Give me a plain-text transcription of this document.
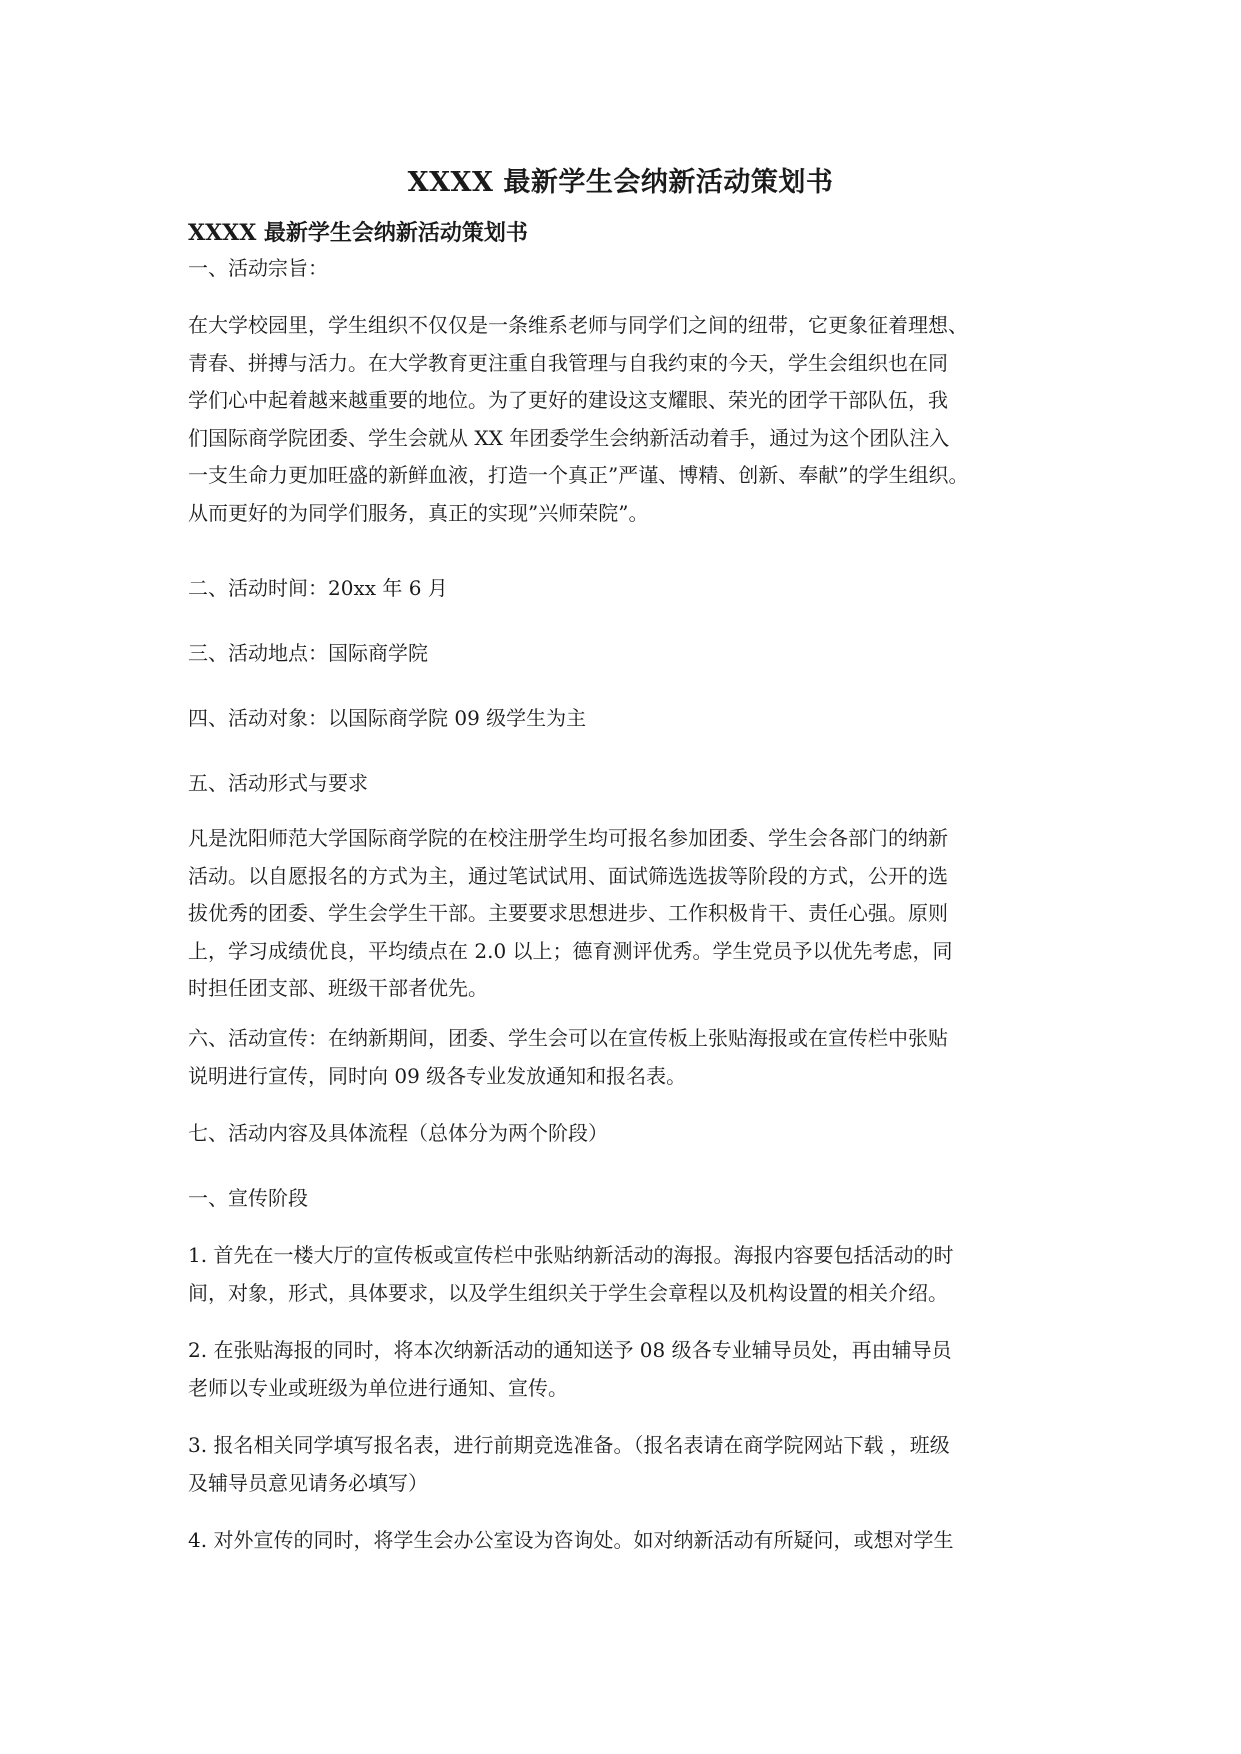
XXXX 最新学生会纳新活动策划书
XXXX 最新学生会纳新活动策划书
一、活动宗旨：
在大学校园里，学生组织不仅仅是一条维系老师与同学们之间的纽带，它更象征着理想、
青春、拼搏与活力。在大学教育更注重自我管理与自我约束的今天，学生会组织也在同
学们心中起着越来越重要的地位。为了更好的建设这支耀眼、荣光的团学干部队伍，我
们国际商学院团委、学生会就从 XX 年团委学生会纳新活动着手，通过为这个团队注入
一支生命力更加旺盛的新鲜血液，打造一个真正”严谨、博精、创新、奉献”的学生组织。
从而更好的为同学们服务，真正的实现”兴师荣院”。
二、活动时间：20xx 年 6 月
三、活动地点：国际商学院
四、活动对象：以国际商学院 09 级学生为主
五、活动形式与要求
凡是沈阳师范大学国际商学院的在校注册学生均可报名参加团委、学生会各部门的纳新
活动。以自愿报名的方式为主，通过笔试试用、面试筛选选拔等阶段的方式，公开的选
拔优秀的团委、学生会学生干部。主要要求思想进步、工作积极肯干、责任心强。原则
上，学习成绩优良，平均绩点在 2.0 以上；德育测评优秀。学生党员予以优先考虑，同
时担任团支部、班级干部者优先。
六、活动宣传：在纳新期间，团委、学生会可以在宣传板上张贴海报或在宣传栏中张贴
说明进行宣传，同时向 09 级各专业发放通知和报名表。
七、活动内容及具体流程（总体分为两个阶段）
一、宣传阶段
1. 首先在一楼大厅的宣传板或宣传栏中张贴纳新活动的海报。海报内容要包括活动的时
间，对象，形式，具体要求，以及学生组织关于学生会章程以及机构设置的相关介绍。
2. 在张贴海报的同时，将本次纳新活动的通知送予 08 级各专业辅导员处，再由辅导员
老师以专业或班级为单位进行通知、宣传。
3. 报名相关同学填写报名表，进行前期竞选准备。（报名表请在商学院网站下载 ，班级
及辅导员意见请务必填写）
4. 对外宣传的同时，将学生会办公室设为咨询处。如对纳新活动有所疑问，或想对学生
